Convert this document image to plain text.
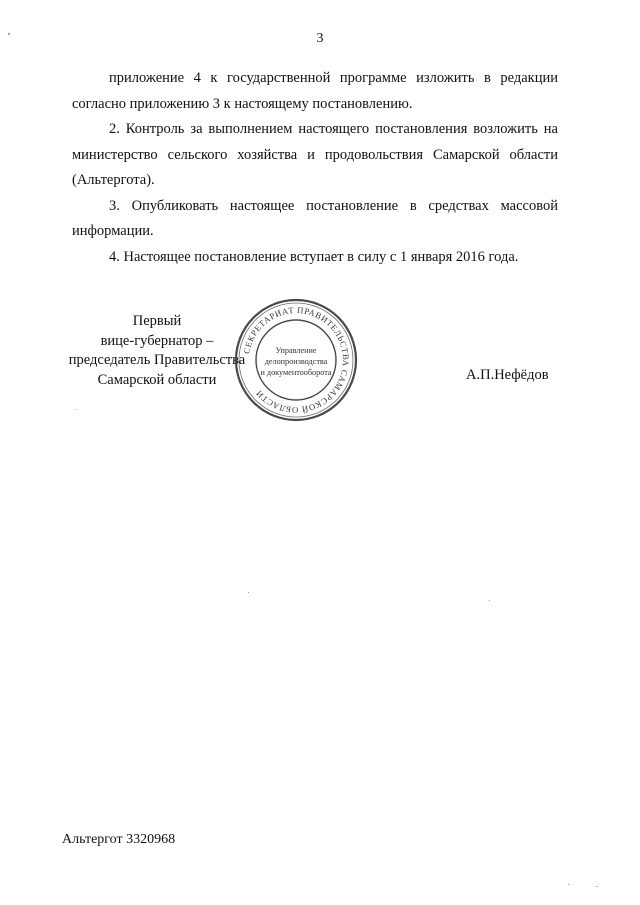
3

приложение 4 к государственной программе изложить в редакции согласно приложению 3 к настоящему постановлению.

2. Контроль за выполнением настоящего постановления возложить на министерство сельского хозяйства и продовольствия Самарской области (Альтергота).

3. Опубликовать настоящее постановление в средствах массовой информации.

4. Настоящее постановление вступает в силу с 1 января 2016 года.

Первый
вице-губернатор –
председатель Правительства
Самарской области
СЕКРЕТАРИАТ ПРАВИТЕЛЬСТВА САМАРСКОЙ ОБЛАСТИ
Управление
делопроизводства
и документооборота	А.П.Нефёдов
Альтергот 3320968
